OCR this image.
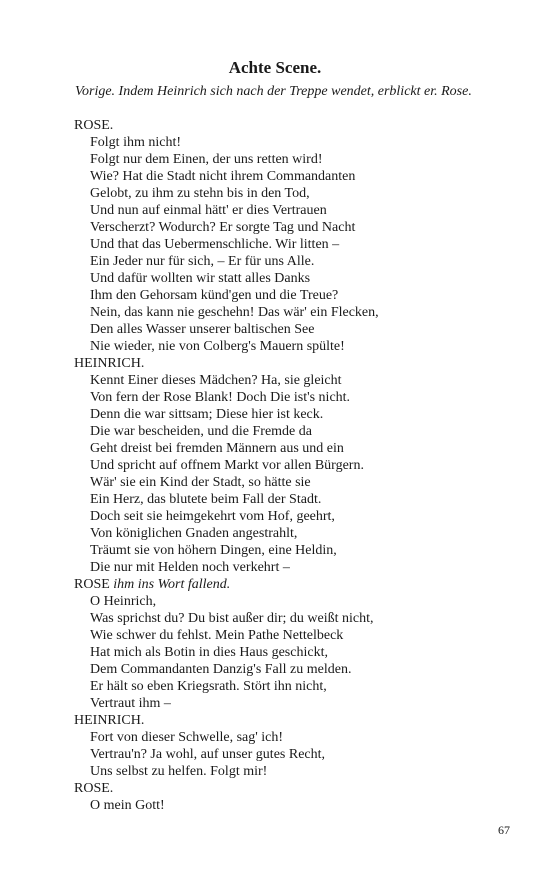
Achte Scene.

Vorige. Indem Heinrich sich nach der Treppe wendet, erblickt er. Rose.

ROSE.
Folgt ihm nicht!
Folgt nur dem Einen, der uns retten wird!
Wie? Hat die Stadt nicht ihrem Commandanten
Gelobt, zu ihm zu stehn bis in den Tod,
Und nun auf einmal hätt' er dies Vertrauen
Verscherzt? Wodurch? Er sorgte Tag und Nacht
Und that das Uebermenschliche. Wir litten –
Ein Jeder nur für sich, – Er für uns Alle.
Und dafür wollten wir statt alles Danks
Ihm den Gehorsam künd'gen und die Treue?
Nein, das kann nie geschehn! Das wär' ein Flecken,
Den alles Wasser unserer baltischen See
Nie wieder, nie von Colberg's Mauern spülte!
HEINRICH.
Kennt Einer dieses Mädchen? Ha, sie gleicht
Von fern der Rose Blank! Doch Die ist's nicht.
Denn die war sittsam; Diese hier ist keck.
Die war bescheiden, und die Fremde da
Geht dreist bei fremden Männern aus und ein
Und spricht auf offnem Markt vor allen Bürgern.
Wär' sie ein Kind der Stadt, so hätte sie
Ein Herz, das blutete beim Fall der Stadt.
Doch seit sie heimgekehrt vom Hof, geehrt,
Von königlichen Gnaden angestrahlt,
Träumt sie von höhern Dingen, eine Heldin,
Die nur mit Helden noch verkehrt –
ROSE ihm ins Wort fallend.
O Heinrich,
Was sprichst du? Du bist außer dir; du weißt nicht,
Wie schwer du fehlst. Mein Pathe Nettelbeck
Hat mich als Botin in dies Haus geschickt,
Dem Commandanten Danzig's Fall zu melden.
Er hält so eben Kriegsrath. Stört ihn nicht,
Vertraut ihm –
HEINRICH.
Fort von dieser Schwelle, sag' ich!
Vertrau'n? Ja wohl, auf unser gutes Recht,
Uns selbst zu helfen. Folgt mir!
ROSE.
O mein Gott!
67
